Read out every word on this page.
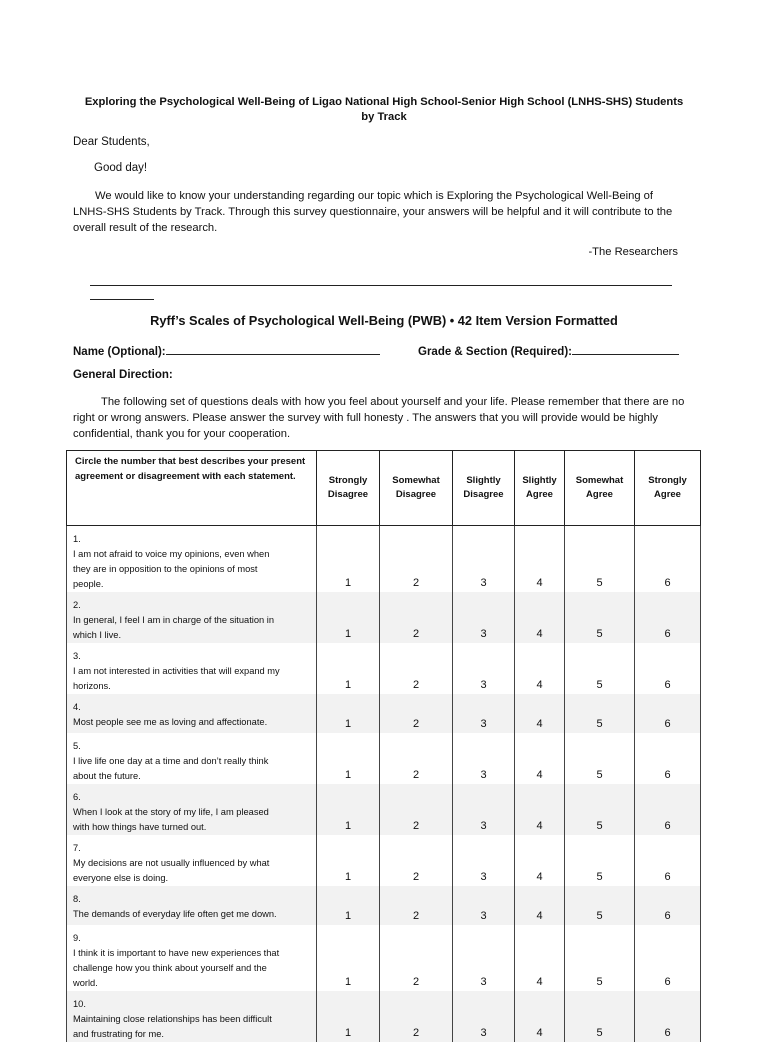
Exploring the Psychological Well-Being of Ligao National High School-Senior High School (LNHS-SHS) Students by Track
Dear Students,
Good day!
We would like to know your understanding regarding our topic which is Exploring the Psychological Well-Being of LNHS-SHS Students by Track. Through this survey questionnaire, your answers will be helpful and it will contribute to the overall result of the research.
-The Researchers
Ryff’s Scales of Psychological Well-Being (PWB) • 42 Item Version Formatted
Name (Optional):	Grade & Section (Required):
General Direction:
The following set of questions deals with how you feel about yourself and your life. Please remember that there are no right or wrong answers. Please answer the survey with full honesty . The answers that you will provide would be highly confidential, thank you for your cooperation.
Circle the number that best describes your present agreement or disagreement with each statement.	Strongly Disagree	Somewhat Disagree	Slightly Disagree	Slightly Agree	Somewhat Agree	Strongly Agree
1.I am not afraid to voice my opinions, even when they are in opposition to the opinions of most people.	1	2	3	4	5	6
2.In general, I feel I am in charge of the situation in which I live.	1	2	3	4	5	6
3.I am not interested in activities that will expand my horizons.	1	2	3	4	5	6
4.Most people see me as loving and affectionate.	1	2	3	4	5	6
5.I live life one day at a time and don’t really think about the future.	1	2	3	4	5	6
6.When I look at the story of my life, I am pleased with how things have turned out.	1	2	3	4	5	6
7.My decisions are not usually influenced by what everyone else is doing.	1	2	3	4	5	6
8.The demands of everyday life often get me down.	1	2	3	4	5	6
9.I think it is important to have new experiences that challenge how you think about yourself and the world.	1	2	3	4	5	6
10.Maintaining close relationships has been difficult and frustrating for me.	1	2	3	4	5	6
